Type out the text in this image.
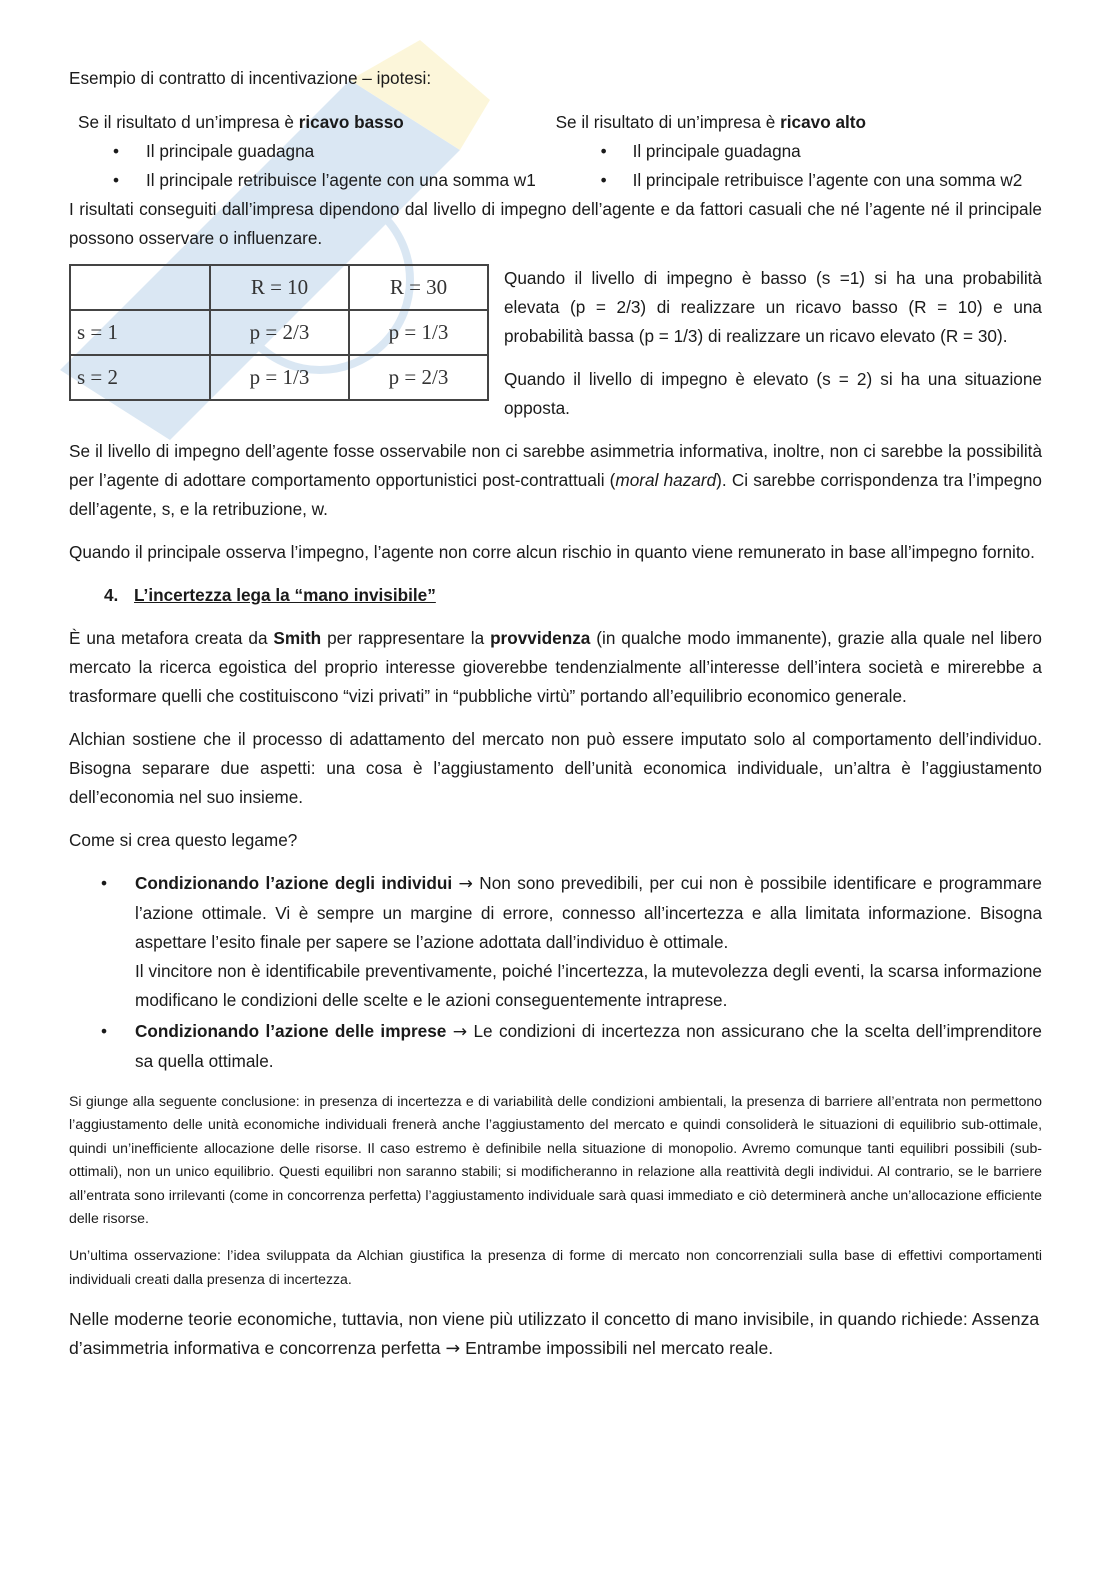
Esempio di contratto di incentivazione – ipotesi:

Se il risultato d un’impresa è ricavo basso

• Il principale guadagna
• Il principale retribuisce l’agente con una somma w1

Se il risultato di un’impresa è ricavo alto

• Il principale guadagna
• Il principale retribuisce l’agente con una somma w2

I risultati conseguiti dall’impresa dipendono dal livello di impegno dell’agente e da fattori casuali che né l’agente né il principale possono osservare o influenzare.

	R = 10	R = 30
s = 1	p = 2/3	p = 1/3
s = 2	p = 1/3	p = 2/3

Quando il livello di impegno è basso (s =1) si ha una probabilità elevata (p = 2/3) di realizzare un ricavo basso (R = 10) e una probabilità bassa (p = 1/3) di realizzare un ricavo elevato (R = 30).

Quando il livello di impegno è elevato (s = 2) si ha una situazione opposta.

Se il livello di impegno dell’agente fosse osservabile non ci sarebbe asimmetria informativa, inoltre, non ci sarebbe la possibilità per l’agente di adottare comportamento opportunistici post-contrattuali (moral hazard). Ci sarebbe corrispondenza tra l’impegno dell’agente, s, e la retribuzione, w.

Quando il principale osserva l’impegno, l’agente non corre alcun rischio in quanto viene remunerato in base all’impegno fornito.

4. L’incertezza lega la “mano invisibile”

È una metafora creata da Smith per rappresentare la provvidenza (in qualche modo immanente), grazie alla quale nel libero mercato la ricerca egoistica del proprio interesse gioverebbe tendenzialmente all’interesse dell’intera società e mirerebbe a trasformare quelli che costituiscono “vizi privati” in “pubbliche virtù” portando all’equilibrio economico generale.

Alchian sostiene che il processo di adattamento del mercato non può essere imputato solo al comportamento dell’individuo. Bisogna separare due aspetti: una cosa è l’aggiustamento dell’unità economica individuale, un’altra è l’aggiustamento dell’economia nel suo insieme.

Come si crea questo legame?

• Condizionando l’azione degli individui → Non sono prevedibili, per cui non è possibile identificare e programmare l’azione ottimale. Vi è sempre un margine di errore, connesso all’incertezza e alla limitata informazione. Bisogna aspettare l’esito finale per sapere se l’azione adottata dall’individuo è ottimale.
Il vincitore non è identificabile preventivamente, poiché l’incertezza, la mutevolezza degli eventi, la scarsa informazione modificano le condizioni delle scelte e le azioni conseguentemente intraprese.
• Condizionando l’azione delle imprese → Le condizioni di incertezza non assicurano che la scelta dell’imprenditore sa quella ottimale.

Si giunge alla seguente conclusione: in presenza di incertezza e di variabilità delle condizioni ambientali, la presenza di barriere all’entrata non permettono l’aggiustamento delle unità economiche individuali frenerà anche l’aggiustamento del mercato e quindi consoliderà le situazioni di equilibrio sub-ottimale, quindi un’inefficiente allocazione delle risorse. Il caso estremo è definibile nella situazione di monopolio. Avremo comunque tanti equilibri possibili (sub-ottimali), non un unico equilibrio. Questi equilibri non saranno stabili; si modificheranno in relazione alla reattività degli individui. Al contrario, se le barriere all’entrata sono irrilevanti (come in concorrenza perfetta) l’aggiustamento individuale sarà quasi immediato e ciò determinerà anche un’allocazione efficiente delle risorse.

Un’ultima osservazione: l’idea sviluppata da Alchian giustifica la presenza di forme di mercato non concorrenziali sulla base di effettivi comportamenti individuali creati dalla presenza di incertezza.

Nelle moderne teorie economiche, tuttavia, non viene più utilizzato il concetto di mano invisibile, in quando richiede: Assenza d’asimmetria informativa e concorrenza perfetta → Entrambe impossibili nel mercato reale.
